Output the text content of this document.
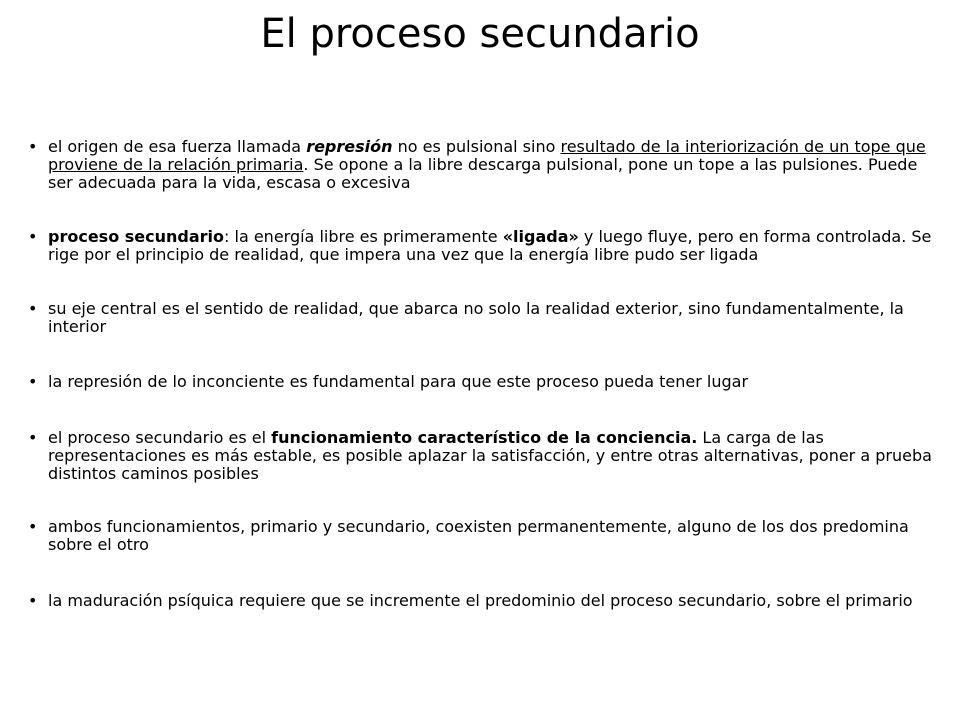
El proceso secundario
• el origen de esa fuerza llamada represión no es pulsional sino resultado de la interiorización de un tope que proviene de la relación primaria. Se opone a la libre descarga pulsional, pone un tope a las pulsiones. Puede ser adecuada para la vida, escasa o excesiva
• proceso secundario: la energía libre es primeramente «ligada» y luego fluye, pero en forma controlada. Se rige por el principio de realidad, que impera una vez que la energía libre pudo ser ligada
• su eje central es el sentido de realidad, que abarca no solo la realidad exterior, sino fundamentalmente, la interior
• la represión de lo inconciente es fundamental para que este proceso pueda tener lugar
• el proceso secundario es el funcionamiento característico de la conciencia. La carga de las representaciones es más estable, es posible aplazar la satisfacción, y entre otras alternativas, poner a prueba distintos caminos posibles
• ambos funcionamientos, primario y secundario, coexisten permanentemente, alguno de los dos predomina sobre el otro
• la maduración psíquica requiere que se incremente el predominio del proceso secundario, sobre el primario
